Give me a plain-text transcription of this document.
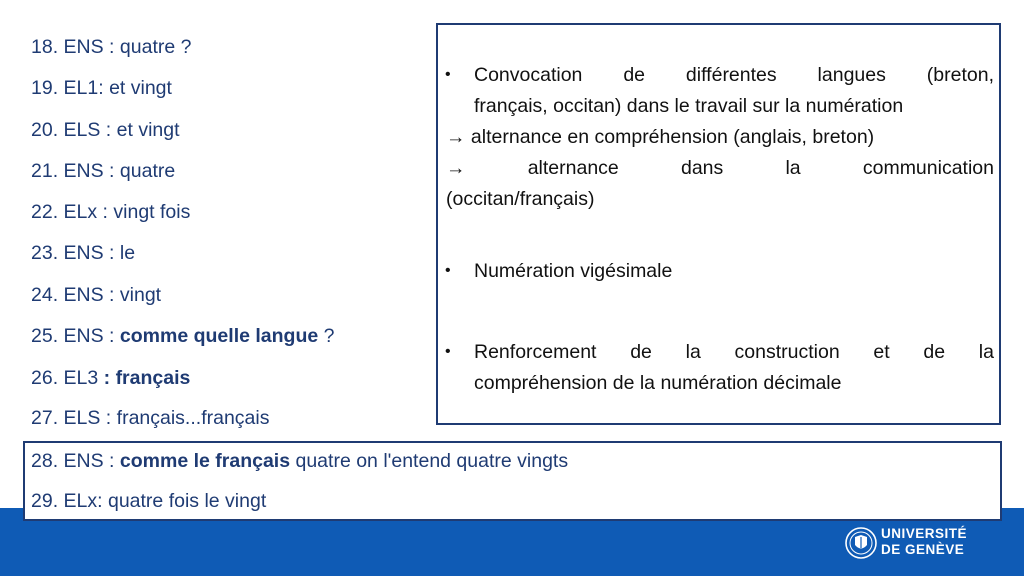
18. ENS : quatre ?
19. EL1: et vingt
20. ELS : et vingt
21. ENS : quatre
22. ELx : vingt fois
23. ENS : le
24. ENS : vingt
25. ENS : comme quelle langue ?
26. EL3 : français
27. ELS : français...français
• Convocation de différentes langues (breton,
français, occitan) dans le travail sur la numération
→ alternance en compréhension (anglais, breton)
→ alternance dans la communication
(occitan/français)
• Numération vigésimale
• Renforcement de la construction et de la
compréhension de la numération décimale
28. ENS : comme le français quatre on l'entend quatre vingts
29. ELx: quatre fois le vingt
UNIVERSITÉ
DE GENÈVE
